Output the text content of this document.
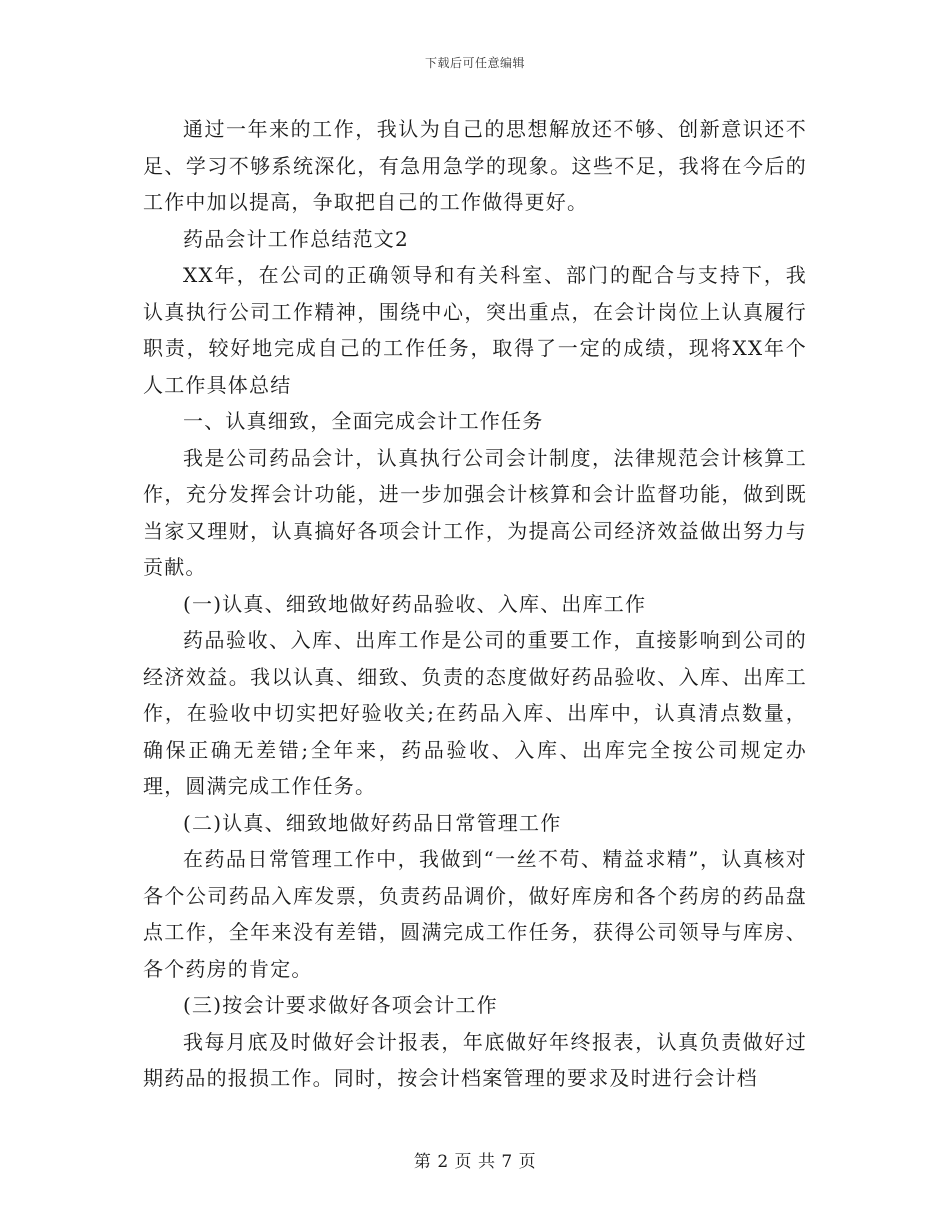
下载后可任意编辑

通过一年来的工作，我认为自己的思想解放还不够、创新意识还不足、学习不够系统深化，有急用急学的现象。这些不足，我将在今后的工作中加以提高，争取把自己的工作做得更好。

药品会计工作总结范文2

XX年，在公司的正确领导和有关科室、部门的配合与支持下，我认真执行公司工作精神，围绕中心，突出重点，在会计岗位上认真履行职责，较好地完成自己的工作任务，取得了一定的成绩，现将XX年个人工作具体总结

一、认真细致，全面完成会计工作任务

我是公司药品会计，认真执行公司会计制度，法律规范会计核算工作，充分发挥会计功能，进一步加强会计核算和会计监督功能，做到既当家又理财，认真搞好各项会计工作，为提高公司经济效益做出努力与贡献。

(一)认真、细致地做好药品验收、入库、出库工作

药品验收、入库、出库工作是公司的重要工作，直接影响到公司的经济效益。我以认真、细致、负责的态度做好药品验收、入库、出库工作，在验收中切实把好验收关;在药品入库、出库中，认真清点数量，确保正确无差错;全年来，药品验收、入库、出库完全按公司规定办理，圆满完成工作任务。

(二)认真、细致地做好药品日常管理工作

在药品日常管理工作中，我做到“一丝不苟、精益求精”，认真核对各个公司药品入库发票，负责药品调价，做好库房和各个药房的药品盘点工作，全年来没有差错，圆满完成工作任务，获得公司领导与库房、各个药房的肯定。

(三)按会计要求做好各项会计工作

我每月底及时做好会计报表，年底做好年终报表，认真负责做好过期药品的报损工作。同时，按会计档案管理的要求及时进行会计档

第 2 页 共 7 页
